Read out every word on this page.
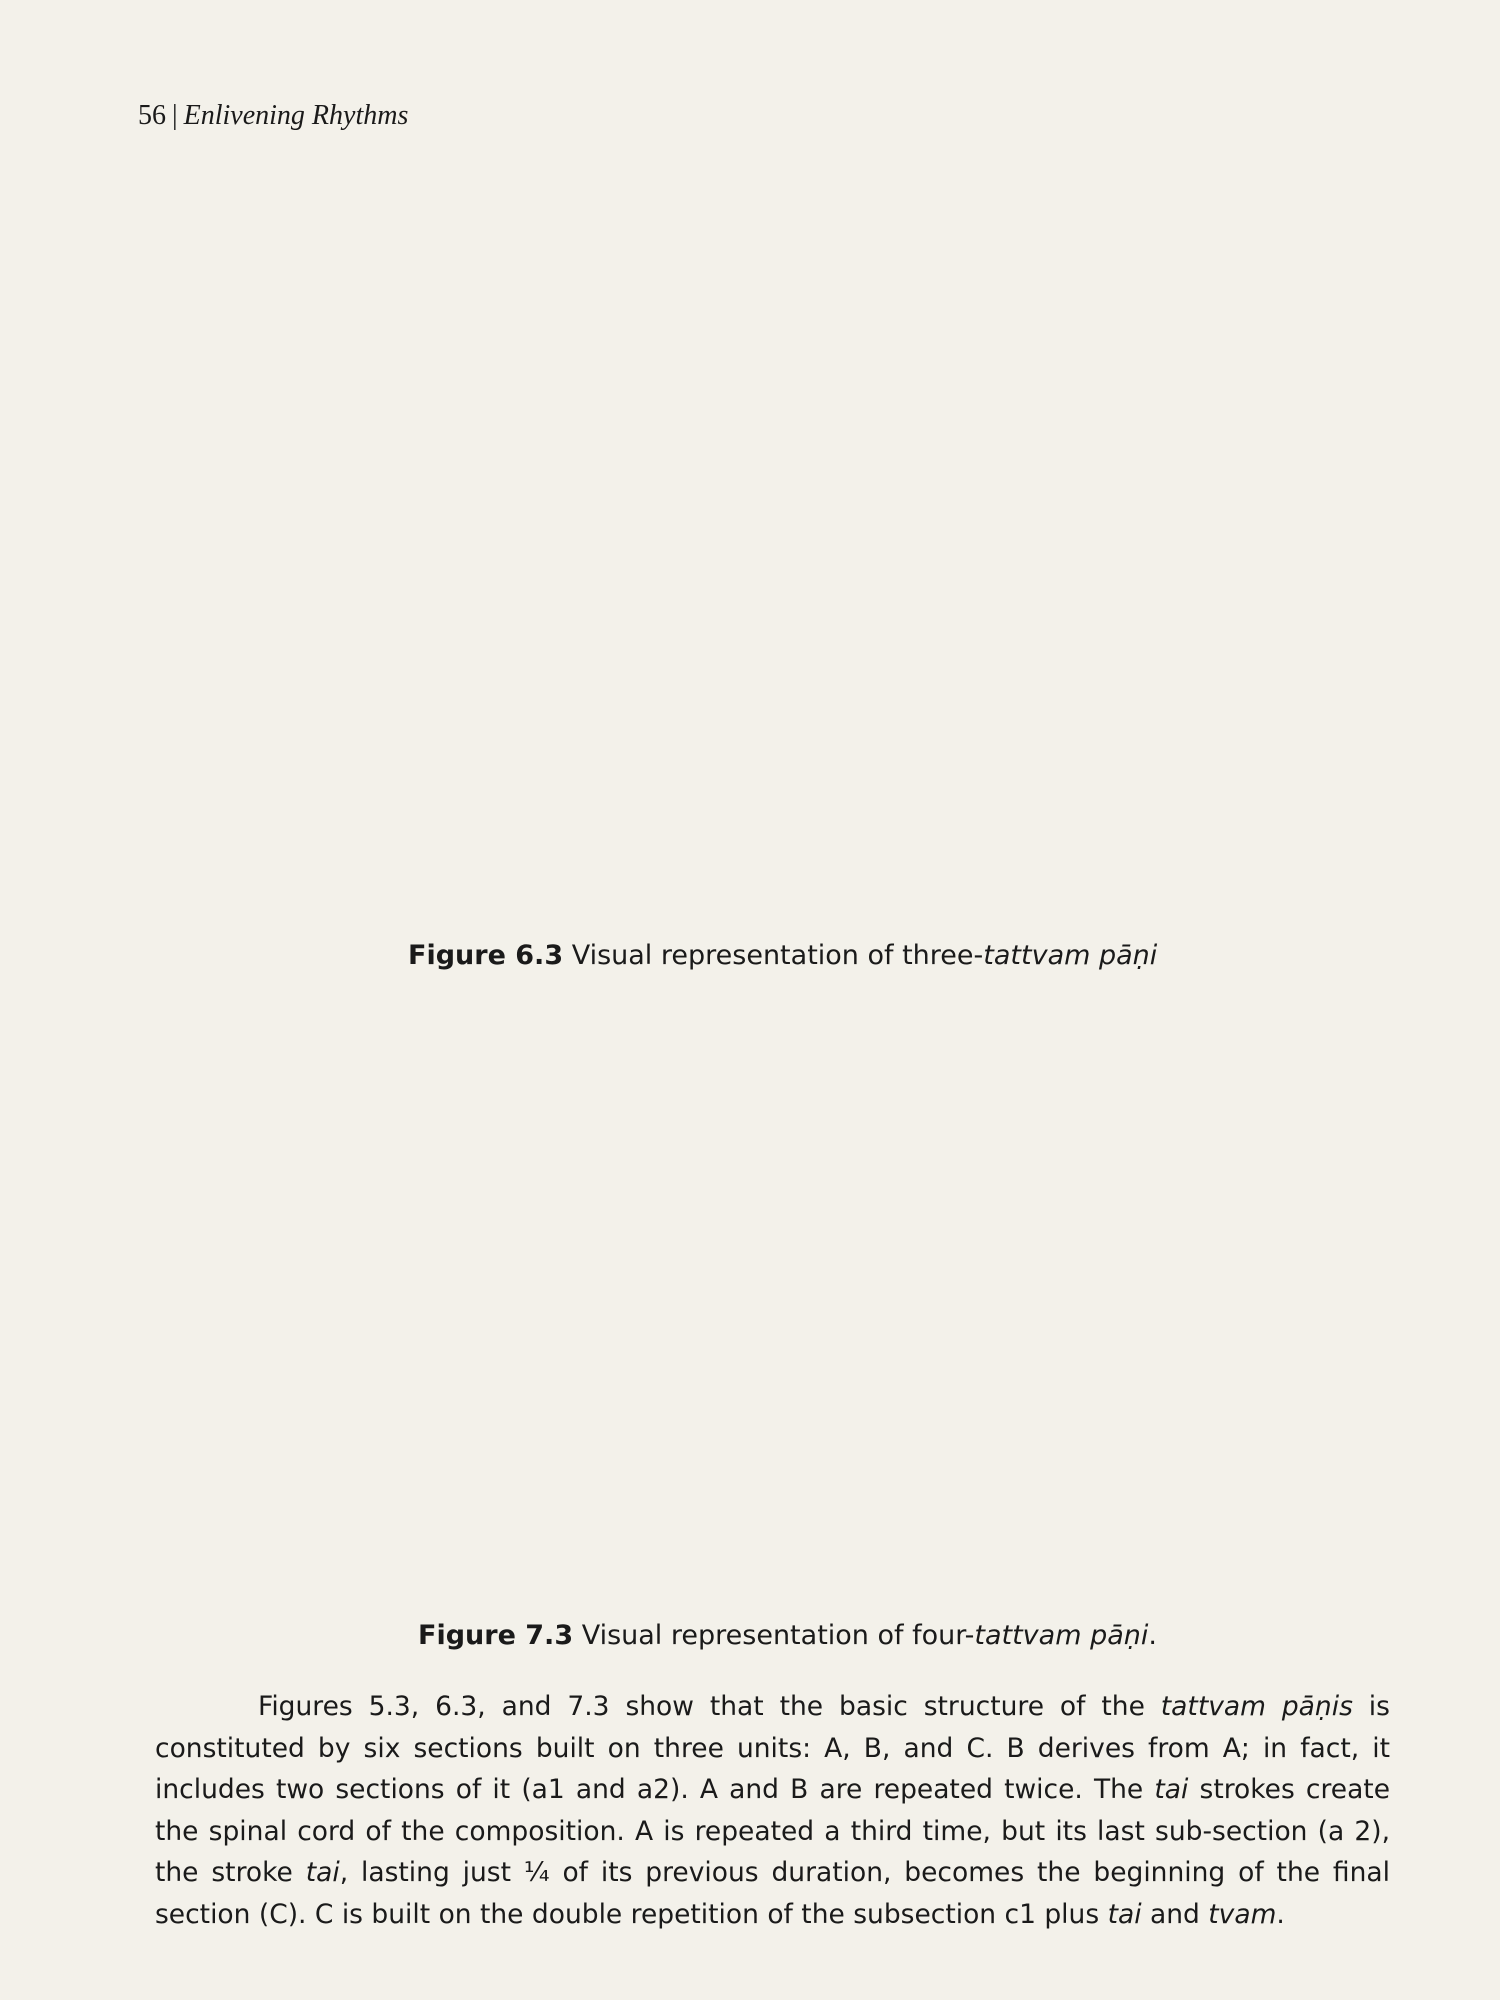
56 | Enlivening Rhythms
Figure 6.3 Visual representation of three-tattvam pāṇi
Figure 7.3 Visual representation of four-tattvam pāṇi.

Figures 5.3, 6.3, and 7.3 show that the basic structure of the tattvam pāṇis is constituted by six sections built on three units: A, B, and C. B derives from A; in fact, it includes two sections of it (a1 and a2). A and B are repeated twice. The tai strokes create the spinal cord of the composition. A is repeated a third time, but its last sub-section (a 2), the stroke tai, lasting just ¼ of its previous duration, becomes the beginning of the final section (C). C is built on the double repetition of the subsection c1 plus tai and tvam.
